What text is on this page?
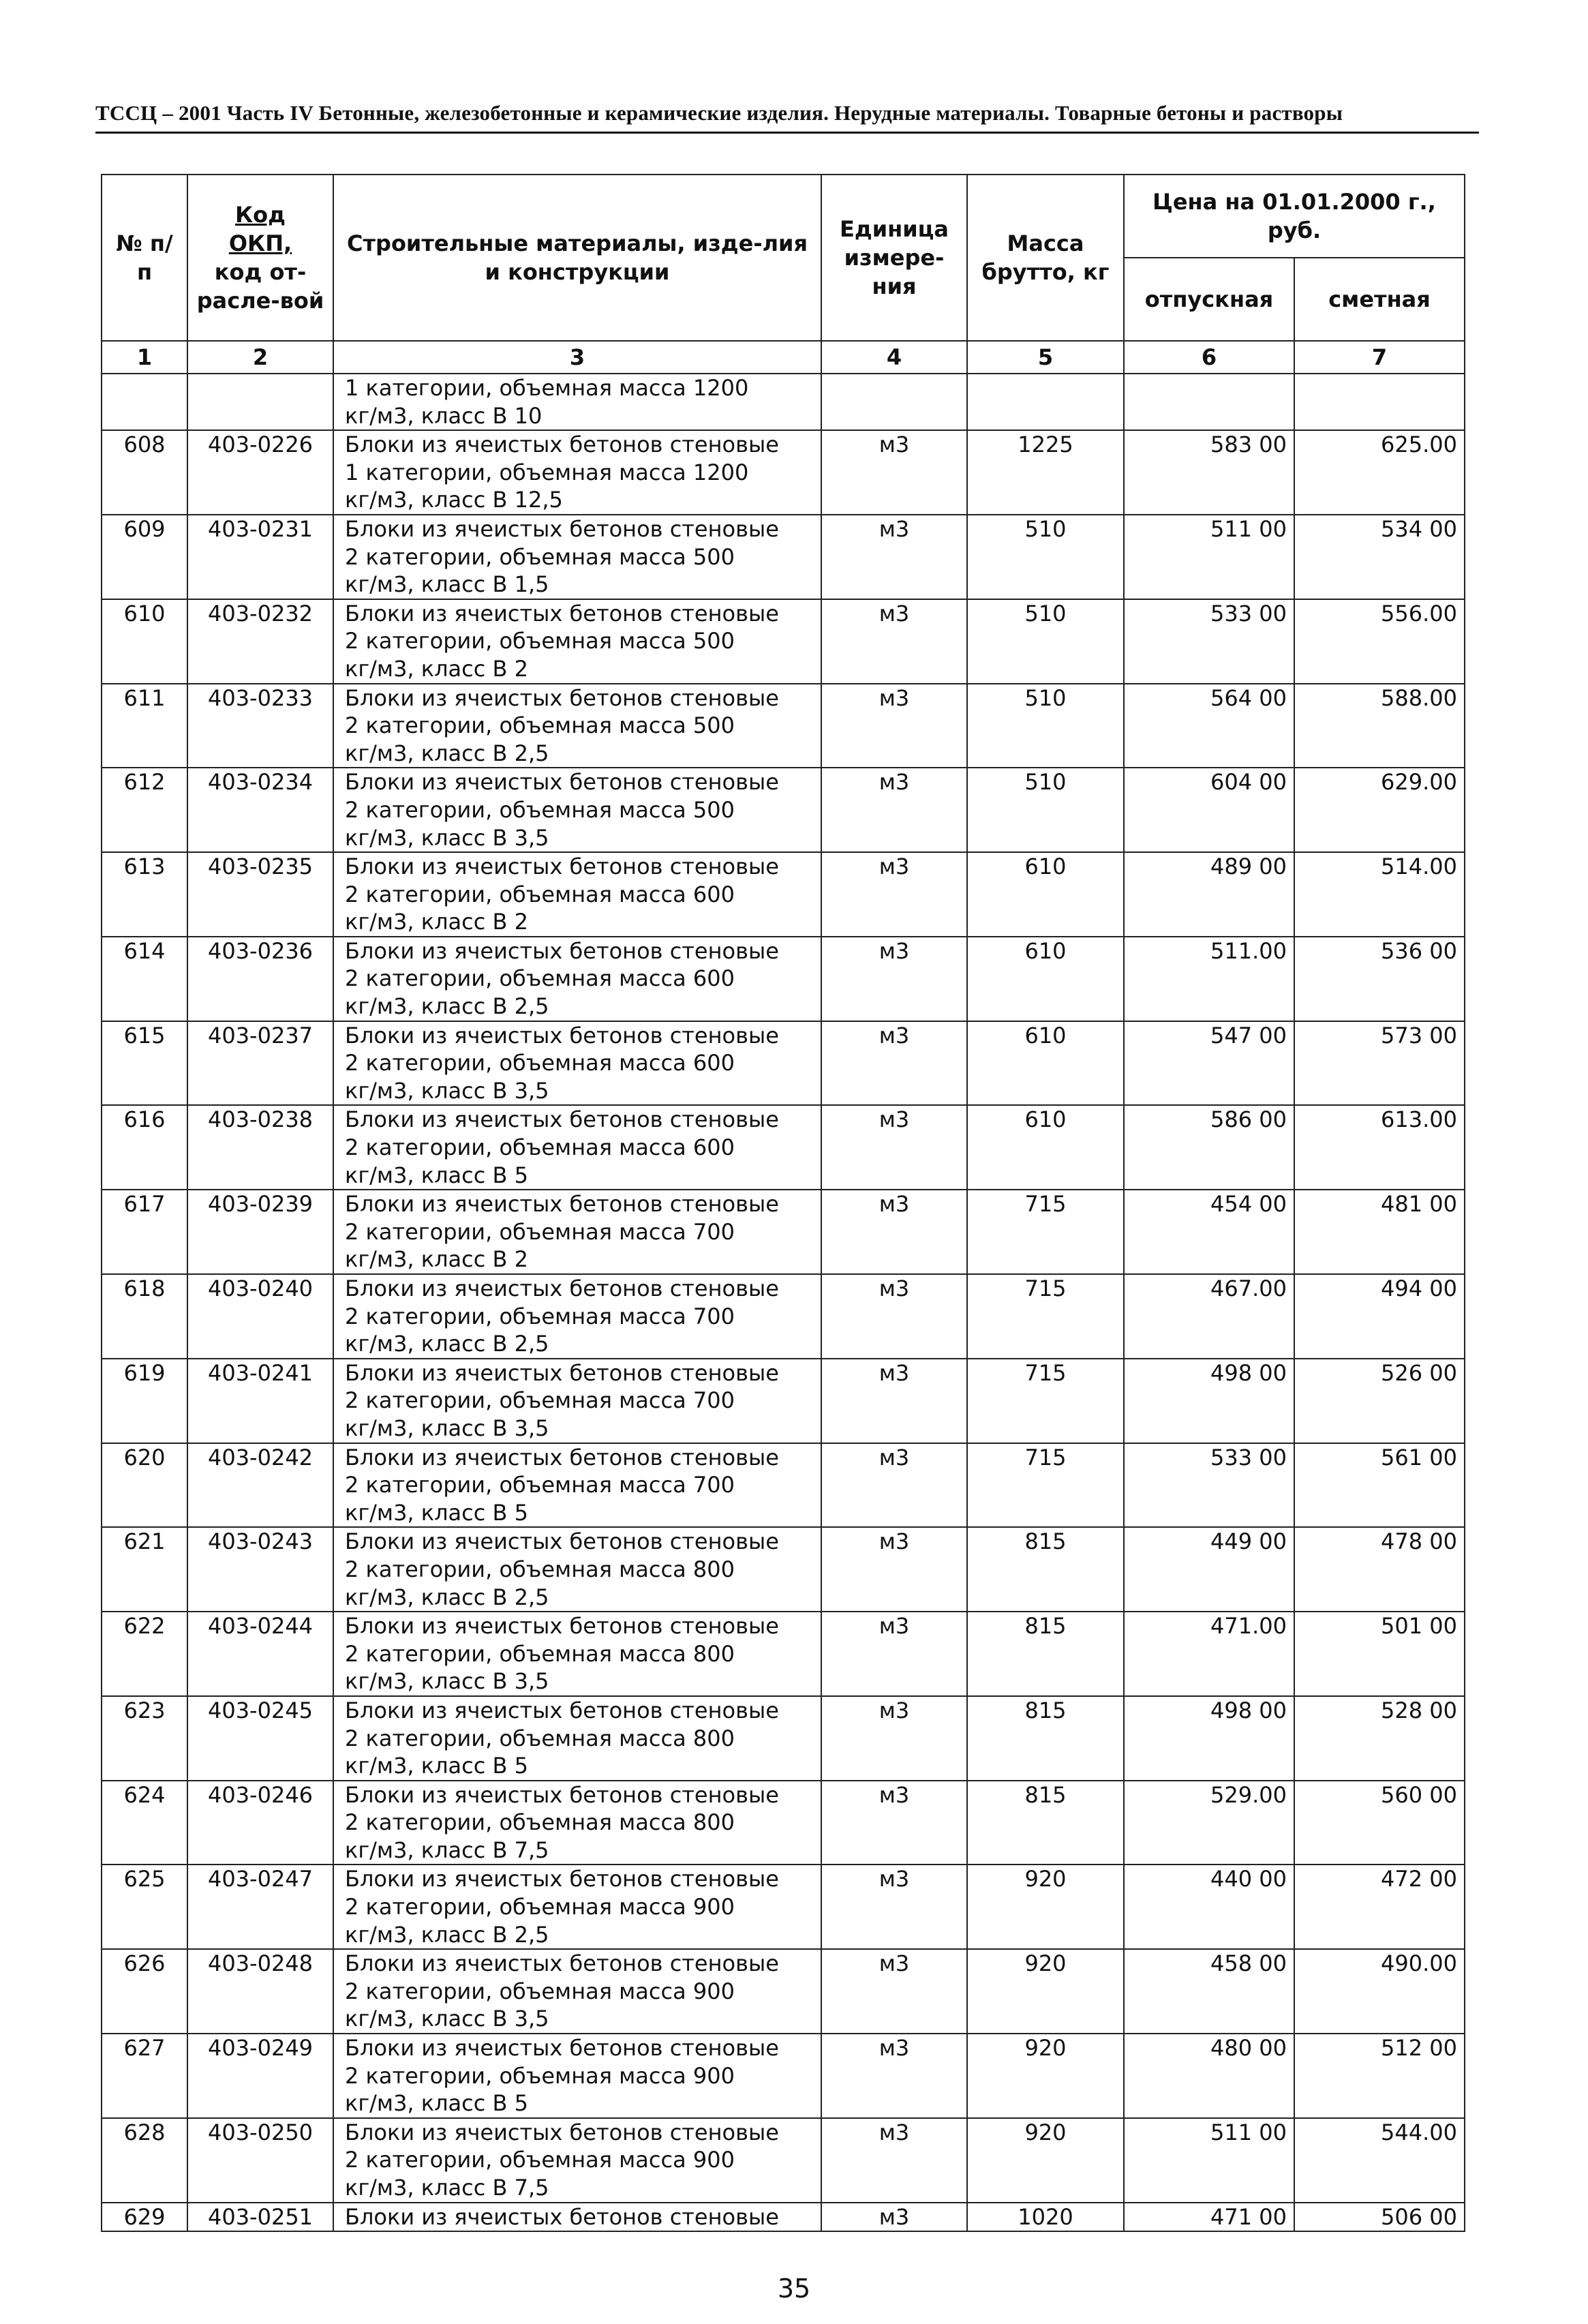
ТССЦ – 2001 Часть IV Бетонные, железобетонные и керамические изделия. Нерудные материалы. Товарные бетоны и растворы
№ п/п	Код
ОКП,
код от-расле-вой	Строительные материалы, изде-лия и конструкции	Единица измере-ния	Масса брутто, кг	Цена на 01.01.2000 г., руб.	
					отпускная	сметная
1	2	3	4	5	6	7
		1 категории, объемная масса 1200
кг/м3, класс В 10				
608	403-0226	Блоки из ячеистых бетонов стеновые
1 категории, объемная масса 1200
кг/м3, класс В 12,5	м3	1225	583 00	625.00
609	403-0231	Блоки из ячеистых бетонов стеновые
2 категории, объемная масса 500
кг/м3, класс В 1,5	м3	510	511 00	534 00
610	403-0232	Блоки из ячеистых бетонов стеновые
2 категории, объемная масса 500
кг/м3, класс В 2	м3	510	533 00	556.00
611	403-0233	Блоки из ячеистых бетонов стеновые
2 категории, объемная масса 500
кг/м3, класс В 2,5	м3	510	564 00	588.00
612	403-0234	Блоки из ячеистых бетонов стеновые
2 категории, объемная масса 500
кг/м3, класс В 3,5	м3	510	604 00	629.00
613	403-0235	Блоки из ячеистых бетонов стеновые
2 категории, объемная масса 600
кг/м3, класс В 2	м3	610	489 00	514.00
614	403-0236	Блоки из ячеистых бетонов стеновые
2 категории, объемная масса 600
кг/м3, класс В 2,5	м3	610	511.00	536 00
615	403-0237	Блоки из ячеистых бетонов стеновые
2 категории, объемная масса 600
кг/м3, класс В 3,5	м3	610	547 00	573 00
616	403-0238	Блоки из ячеистых бетонов стеновые
2 категории, объемная масса 600
кг/м3, класс В 5	м3	610	586 00	613.00
617	403-0239	Блоки из ячеистых бетонов стеновые
2 категории, объемная масса 700
кг/м3, класс В 2	м3	715	454 00	481 00
618	403-0240	Блоки из ячеистых бетонов стеновые
2 категории, объемная масса 700
кг/м3, класс В 2,5	м3	715	467.00	494 00
619	403-0241	Блоки из ячеистых бетонов стеновые
2 категории, объемная масса 700
кг/м3, класс В 3,5	м3	715	498 00	526 00
620	403-0242	Блоки из ячеистых бетонов стеновые
2 категории, объемная масса 700
кг/м3, класс В 5	м3	715	533 00	561 00
621	403-0243	Блоки из ячеистых бетонов стеновые
2 категории, объемная масса 800
кг/м3, класс В 2,5	м3	815	449 00	478 00
622	403-0244	Блоки из ячеистых бетонов стеновые
2 категории, объемная масса 800
кг/м3, класс В 3,5	м3	815	471.00	501 00
623	403-0245	Блоки из ячеистых бетонов стеновые
2 категории, объемная масса 800
кг/м3, класс В 5	м3	815	498 00	528 00
624	403-0246	Блоки из ячеистых бетонов стеновые
2 категории, объемная масса 800
кг/м3, класс В 7,5	м3	815	529.00	560 00
625	403-0247	Блоки из ячеистых бетонов стеновые
2 категории, объемная масса 900
кг/м3, класс В 2,5	м3	920	440 00	472 00
626	403-0248	Блоки из ячеистых бетонов стеновые
2 категории, объемная масса 900
кг/м3, класс В 3,5	м3	920	458 00	490.00
627	403-0249	Блоки из ячеистых бетонов стеновые
2 категории, объемная масса 900
кг/м3, класс В 5	м3	920	480 00	512 00
628	403-0250	Блоки из ячеистых бетонов стеновые
2 категории, объемная масса 900
кг/м3, класс В 7,5	м3	920	511 00	544.00
629	403-0251	Блоки из ячеистых бетонов стеновые	м3	1020	471 00	506 00
35
